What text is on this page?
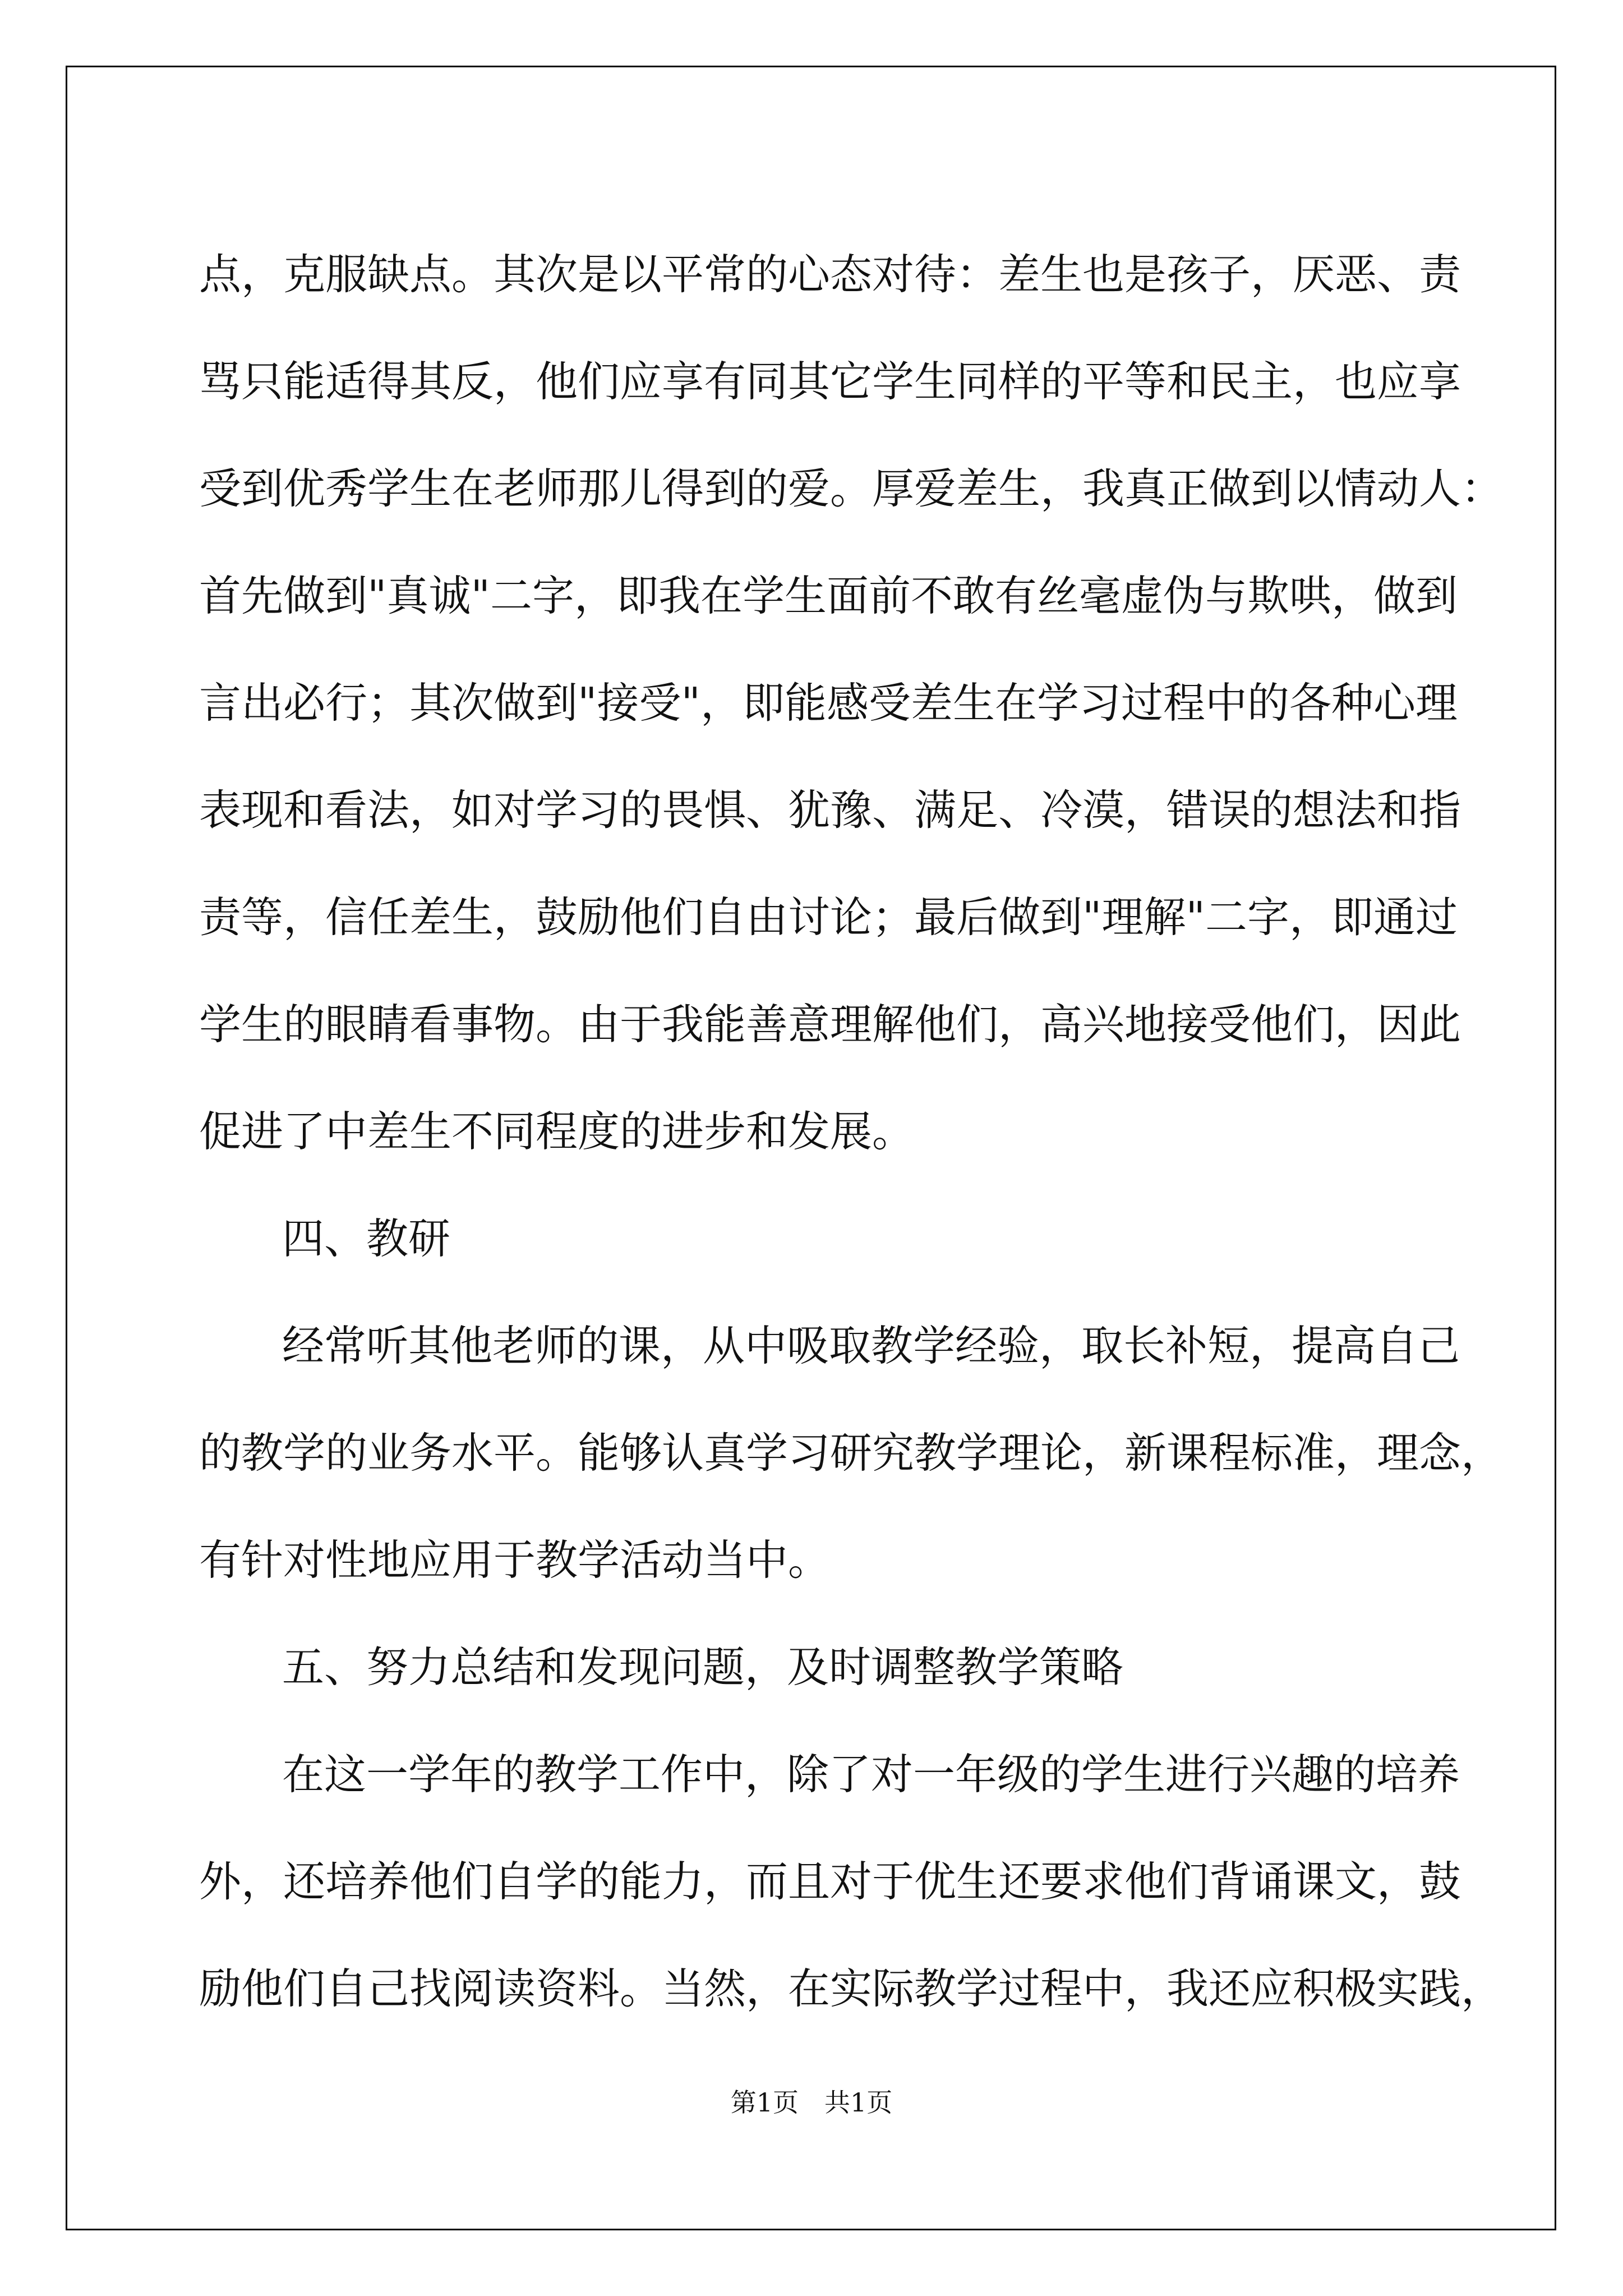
点，克服缺点。其次是以平常的心态对待：差生也是孩子，厌恶、责
骂只能适得其反，他们应享有同其它学生同样的平等和民主，也应享
受到优秀学生在老师那儿得到的爱。厚爱差生，我真正做到以情动人：
首先做到"真诚"二字，即我在学生面前不敢有丝毫虚伪与欺哄，做到
言出必行；其次做到"接受"，即能感受差生在学习过程中的各种心理
表现和看法，如对学习的畏惧、犹豫、满足、冷漠，错误的想法和指
责等，信任差生，鼓励他们自由讨论；最后做到"理解"二字，即通过
学生的眼睛看事物。由于我能善意理解他们，高兴地接受他们，因此
促进了中差生不同程度的进步和发展。
四、教研
经常听其他老师的课，从中吸取教学经验，取长补短，提高自己
的教学的业务水平。能够认真学习研究教学理论，新课程标准，理念，
有针对性地应用于教学活动当中。
五、努力总结和发现问题，及时调整教学策略
在这一学年的教学工作中，除了对一年级的学生进行兴趣的培养
外，还培养他们自学的能力，而且对于优生还要求他们背诵课文，鼓
励他们自己找阅读资料。当然，在实际教学过程中，我还应积极实践，
第1页　共1页
